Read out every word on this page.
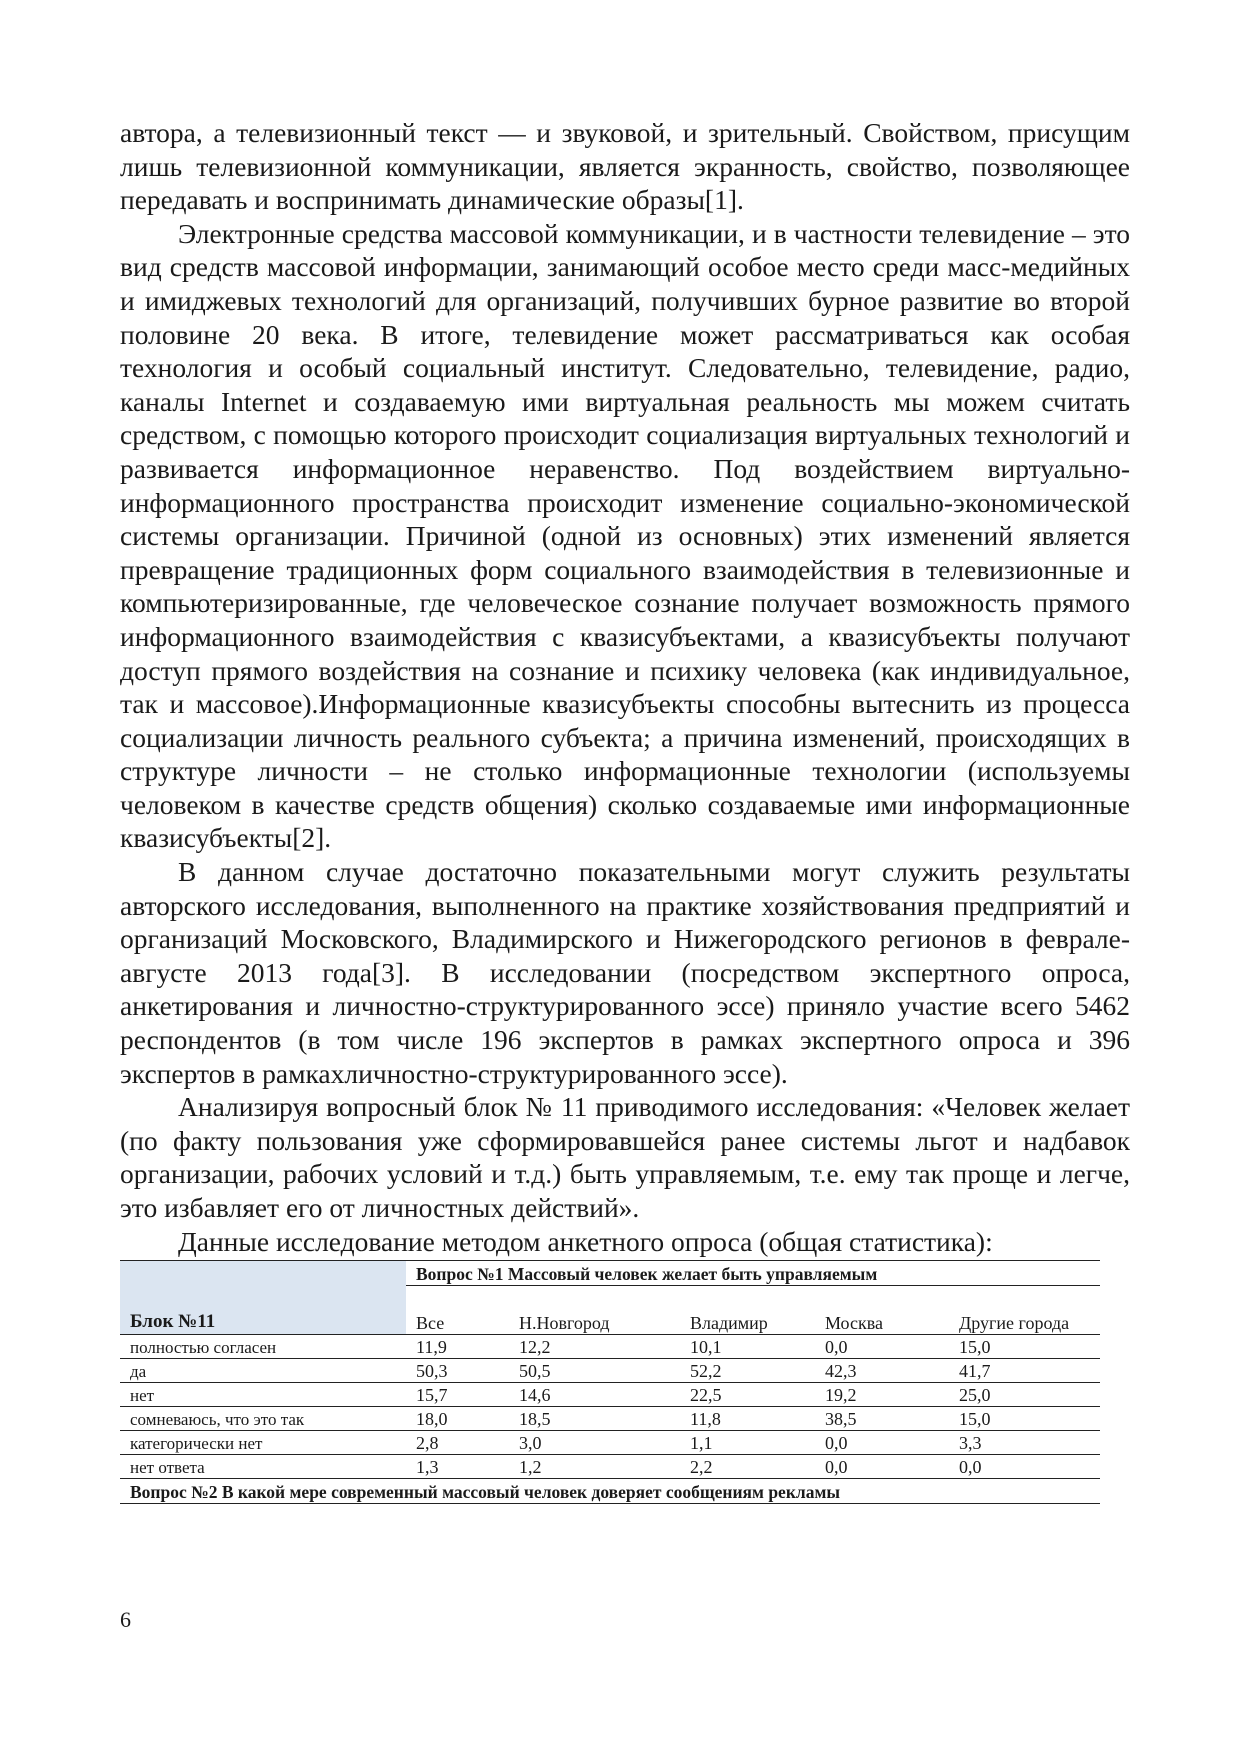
автора, а телевизионный текст — и звуковой, и зрительный. Свойством, присущим лишь телевизионной коммуникации, является экранность, свойство, позволяющее передавать и воспринимать динамические образы[1].

Электронные средства массовой коммуникации, и в частности телевидение – это вид средств массовой информации, занимающий особое место среди масс-медийных и имиджевых технологий для организаций, получивших бурное развитие во второй половине 20 века. В итоге, телевидение может рассматриваться как особая технология и особый социальный институт. Следовательно, телевидение, радио, каналы Internet и создаваемую ими виртуальная реальность мы можем считать средством, с помощью которого происходит социализация виртуальных технологий и развивается информационное неравенство. Под воздействием виртуально-информационного пространства происходит изменение социально-экономической системы организации. Причиной (одной из основных) этих изменений является превращение традиционных форм социального взаимодействия в телевизионные и компьютеризированные, где человеческое сознание получает возможность прямого информационного взаимодействия с квазисубъектами, а квазисубъекты получают доступ прямого воздействия на сознание и психику человека (как индивидуальное, так и массовое).Информационные квазисубъекты способны вытеснить из процесса социализации личность реального субъекта; а причина изменений, происходящих в структуре личности – не столько информационные технологии (используемы человеком в качестве средств общения) сколько создаваемые ими информационные квазисубъекты[2].

В данном случае достаточно показательными могут служить результаты авторского исследования, выполненного на практике хозяйствования предприятий и организаций Московского, Владимирского и Нижегородского регионов в феврале-августе 2013 года[3]. В исследовании (посредством экспертного опроса, анкетирования и личностно-структурированного эссе) приняло участие всего 5462 респондентов (в том числе 196 экспертов в рамках экспертного опроса и 396 экспертов в рамкахличностно-структурированного эссе).

Анализируя вопросный блок № 11 приводимого исследования: «Человек желает (по факту пользования уже сформировавшейся ранее системы льгот и надбавок организации, рабочих условий и т.д.) быть управляемым, т.е. ему так проще и легче, это избавляет его от личностных действий».

Данные исследование методом анкетного опроса (общая статистика):

	Вопрос №1 Массовый человек желает быть управляемым				
Блок №11	Все	Н.Новгород	Владимир	Москва	Другие города
полностью согласен	11,9	12,2	10,1	0,0	15,0
да	50,3	50,5	52,2	42,3	41,7
нет	15,7	14,6	22,5	19,2	25,0
сомневаюсь, что это так	18,0	18,5	11,8	38,5	15,0
категорически нет	2,8	3,0	1,1	0,0	3,3
нет ответа	1,3	1,2	2,2	0,0	0,0
Вопрос №2 В какой мере современный массовый человек доверяет сообщениям рекламы					
6
